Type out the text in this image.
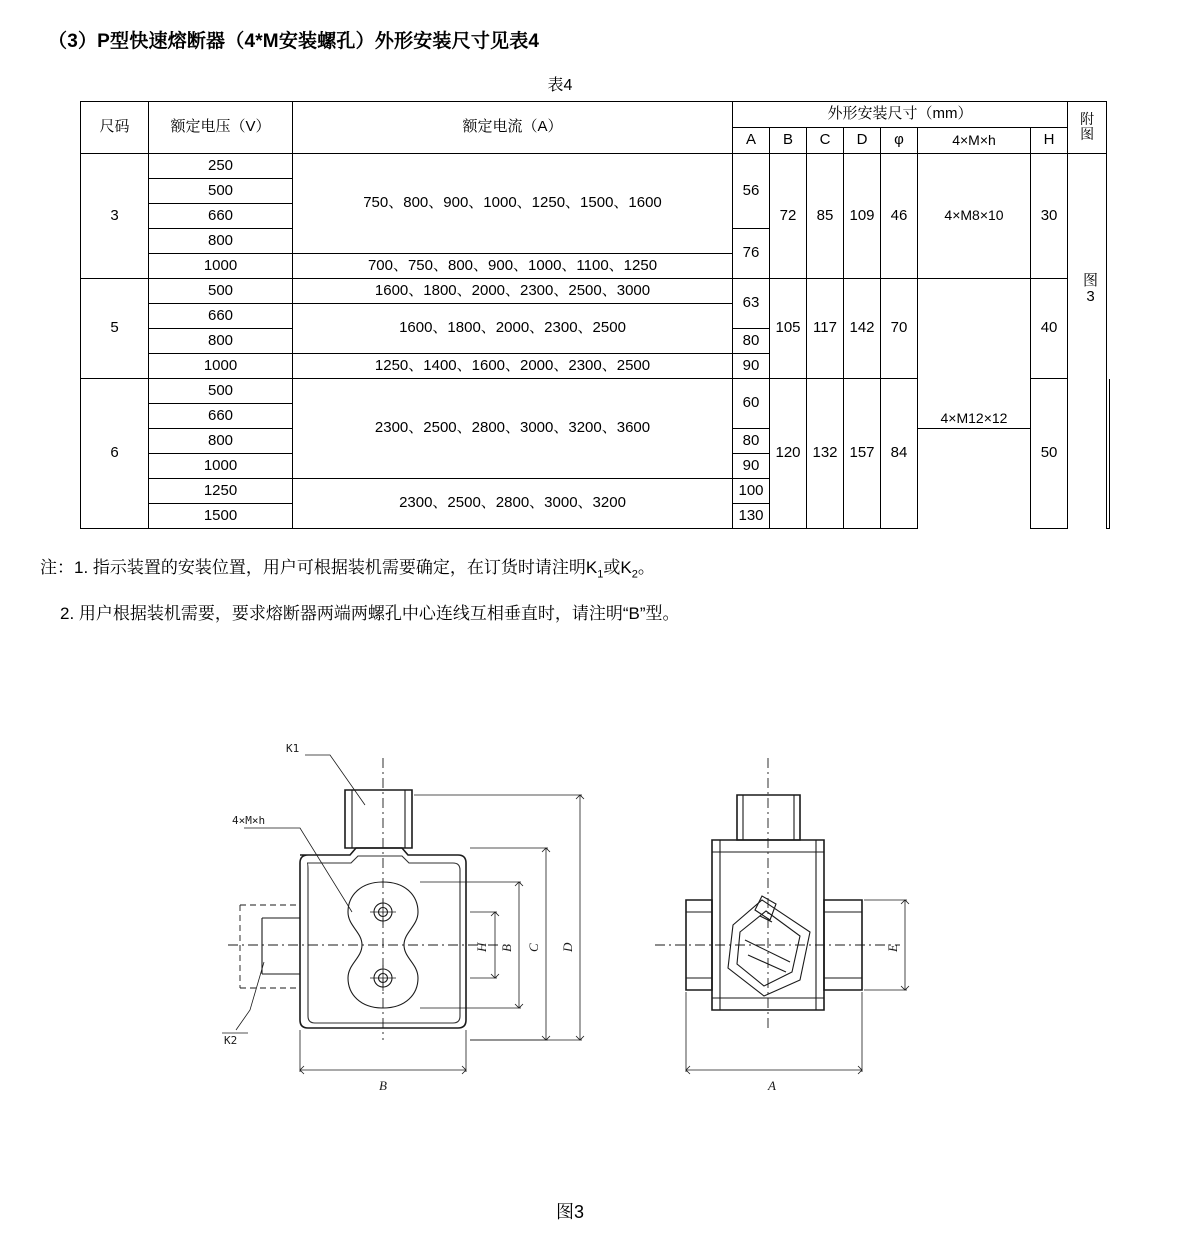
（3）P型快速熔断器（4*M安装螺孔）外形安装尺寸见表4
表4
尺码	额定电压（V）	额定电流（A）	外形安装尺寸（mm）							附图	
			A	B	C	D	φ	4×M×h	H		
3	250	750、800、900、1000、1250、1500、1600	56	72	85	109	46	4×M8×10	30		
	500										
	660										
	800		76								
	1000	700、750、800、900、1000、1100、1250									
5	500	1600、1800、2000、2300、2500、3000	63	105	117	142	70	4×M12×12	40		
	660	1600、1800、2000、2300、2500									
	800		80								
	1000	1250、1400、1600、2000、2300、2500	90								
6	500	2300、2500、2800、3000、3200、3600	60	120	132	157	84		50		
	660										
	800		80								
	1000		90								
	1250	2300、2500、2800、3000、3200	100								
	1500		130								
图3
注：1. 指示装置的安装位置，用户可根据装机需要确定，在订货时请注明$K_1$或$K_2$。
2. 用户根据装机需要，要求熔断器两端两螺孔中心连线互相垂直时，请注明“B”型。
K1
4×M×h
K2
H B C D
B
E
A
图3
